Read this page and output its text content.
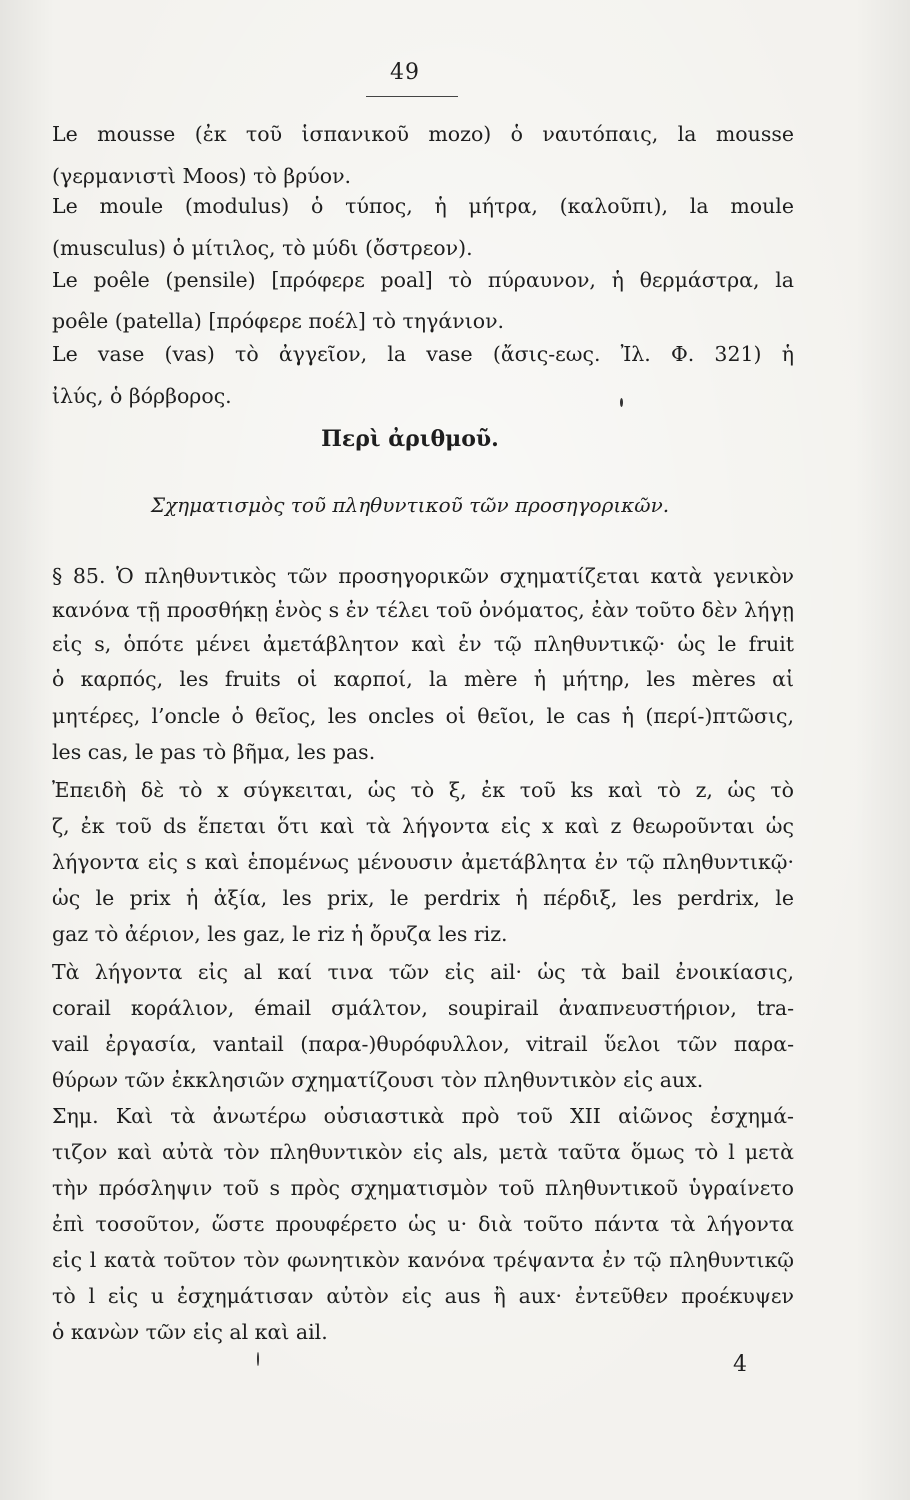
49
Le mousse (ἐκ τοῦ ἱσπανικοῦ mozo) ὁ ναυτόπαις, la mousse
(γερμανιστὶ Moos) τὸ βρύον.
Le moule (modulus) ὁ τύπος, ἡ μήτρα, (καλοῦπι), la moule
(musculus) ὁ μίτιλος, τὸ μύδι (ὄστρεον).
Le poêle (pensile) [πρόφερε poal] τὸ πύραυνον, ἡ θερμάστρα, la
poêle (patella) [πρόφερε ποέλ] τὸ τηγάνιον.
Le vase (vas) τὸ ἀγγεῖον, la vase (ἄσις-εως. Ἰλ. Φ. 321) ἡ
ἰλύς, ὁ βόρβορος.
Περὶ ἀριθμοῦ.
Σχηματισμὸς τοῦ πληθυντικοῦ τῶν προσηγορικῶν.
§ 85. Ὁ πληθυντικὸς τῶν προσηγορικῶν σχηματίζεται κατὰ γενικὸν
κανόνα τῇ προσθήκῃ ἑνὸς s ἐν τέλει τοῦ ὀνόματος, ἐὰν τοῦτο δὲν λήγῃ
εἰς s, ὁπότε μένει ἀμετάβλητον καὶ ἐν τῷ πληθυντικῷ· ὡς le fruit
ὁ καρπός, les fruits οἱ καρποί, la mère ἡ μήτηρ, les mères αἱ
μητέρες, l’oncle ὁ θεῖος, les oncles οἱ θεῖοι, le cas ἡ (περί-)πτῶσις,
les cas, le pas τὸ βῆμα, les pas.
Ἐπειδὴ δὲ τὸ x σύγκειται, ὡς τὸ ξ, ἐκ τοῦ ks καὶ τὸ z, ὡς τὸ
ζ, ἐκ τοῦ ds ἕπεται ὅτι καὶ τὰ λήγοντα εἰς x καὶ z θεωροῦνται ὡς
λήγοντα εἰς s καὶ ἑπομένως μένουσιν ἀμετάβλητα ἐν τῷ πληθυντικῷ·
ὡς le prix ἡ ἀξία, les prix, le perdrix ἡ πέρδιξ, les perdrix, le
gaz τὸ ἀέριον, les gaz, le riz ἡ ὄρυζα les riz.
Τὰ λήγοντα εἰς al καί τινα τῶν εἰς ail· ὡς τὰ bail ἐνοικίασις,
corail κοράλιον, émail σμάλτον, soupirail ἀναπνευστήριον, tra-
vail ἐργασία, vantail (παρα-)θυρόφυλλον, vitrail ὕελοι τῶν παρα-
θύρων τῶν ἐκκλησιῶν σχηματίζουσι τὸν πληθυντικὸν εἰς aux.
Σημ. Καὶ τὰ ἀνωτέρω οὐσιαστικὰ πρὸ τοῦ XII αἰῶνος ἐσχημά-
τιζον καὶ αὐτὰ τὸν πληθυντικὸν εἰς als, μετὰ ταῦτα ὅμως τὸ l μετὰ
τὴν πρόσληψιν τοῦ s πρὸς σχηματισμὸν τοῦ πληθυντικοῦ ὑγραίνετο
ἐπὶ τοσοῦτον, ὥστε προυφέρετο ὡς u· διὰ τοῦτο πάντα τὰ λήγοντα
εἰς l κατὰ τοῦτον τὸν φωνητικὸν κανόνα τρέψαντα ἐν τῷ πληθυντικῷ
τὸ l εἰς u ἐσχημάτισαν αὐτὸν εἰς aus ἢ aux· ἐντεῦθεν προέκυψεν
ὁ κανὼν τῶν εἰς al καὶ ail.
4
